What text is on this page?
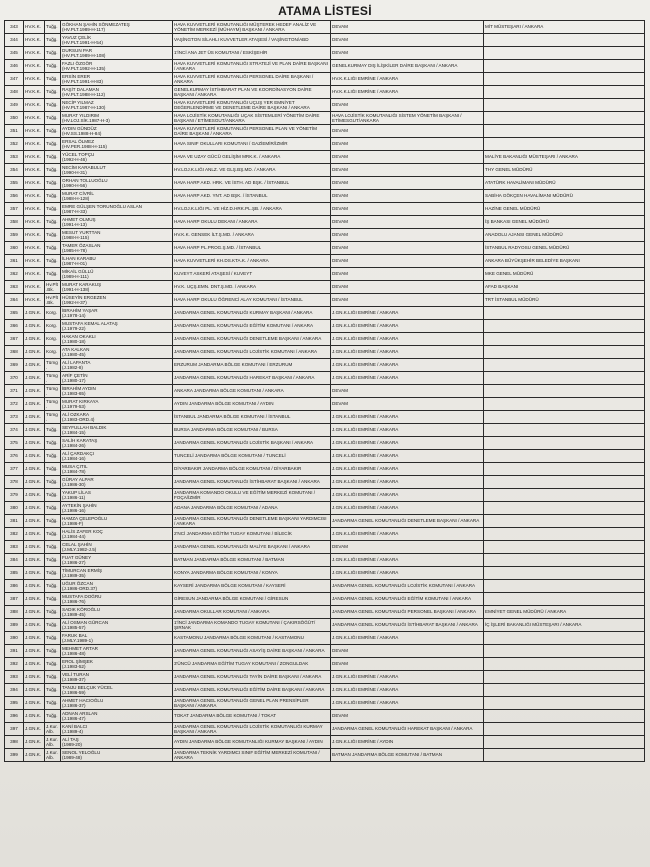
ATAMA LİSTESİ
343	HV.K.K.	Tuğg.	GÖKHAN ŞAHİN SÖNMEZATEŞ
(HV.PLT.1989-H-117)	HAVA KUVVETLERİ KOMUTANLIĞI MÜŞTEREK HEDEF ANALİZ VE YÖNETİM MERKEZİ (MÜHAYM) BAŞKANI / ANKARA	DEVAM	MİT MÜSTEŞARI / ANKARA
344	HV.K.K.	Tuğg.	YAVUZ ÇELİK
(HV.PLT.1991-H-54)	VAŞİNGTON SİLAHLI KUVVETLER ATAŞESİ / VAŞİNGTON/ABD	DEVAM	
345	HV.K.K.	Tuğg.	DURSUN PAR
(HV.PLT.1989-H-108)	1'İNCİ ANA JET ÜS KOMUTANI / ESKİŞEHİR	DEVAM	
346	HV.K.K.	Tuğg.	FAZLI ÖZGÖR
(HV.PLT.1992-H-135)	HAVA KUVVETLERİ KOMUTANLIĞI STRATEJİ VE PLAN DAİRE BAŞKANI / ANKARA	GENELKURMAY DIŞ İLİŞKİLER DAİRE BAŞKANI / ANKARA	
347	HV.K.K.	Tuğg.	ERSİN ERER
(HV.PLT.1991-H-83)	HAVA KUVVETLERİ KOMUTANLIĞI PERSONEL DAİRE BAŞKANI / ANKARA	HV.K.K.LIĞI EMRİNE / ANKARA	
348	HV.K.K.	Tuğg.	RAŞİT DALAMAN
(HV.PLT.1988-H-112)	GENELKURMAY İSTİHBARAT PLAN VE KOORDİNASYON DAİRE BAŞKANI / ANKARA	HV.K.K.LIĞI EMRİNE / ANKARA	
349	HV.K.K.	Tuğg.	NECİP YILMAZ
(HV.PLT.1987-H-130)	HAVA KUVVETLERİ KOMUTANLIĞI UÇUŞ YER EMNİYET DEĞERLENDİRME VE DENETLEME DAİRE BAŞKANI / ANKARA	DEVAM	
350	HV.K.K.	Tuğg.	MURAT YILDIRIM
(HV.LOJ.SİK.1987-H-3)	HAVA LOJİSTİK KOMUTANLIĞI UÇAK SİSTEMLERİ YÖNETİM DAİRE BAŞKANI / ETİMESGUT/ANKARA	HAVA LOJİSTİK KOMUTANLIĞI SİSTEM YÖNETİM BAŞKANI / ETİMESGUT/ANKARA	
351	HV.K.K.	Tuğg.	AYDIN GÜNDÜZ
(HV.SS.1988-H-84)	HAVA KUVVETLERİ KOMUTANLIĞI PERSONEL PLAN VE YÖNETİM DAİRE BAŞKANI / ANKARA	DEVAM	
352	HV.K.K.	Tuğg.	ERSAL ÖLMEZ
(HV.PER.1988-H-115)	HAVA SINIF OKULLARI KOMUTANI / GAZİEMİR/İZMİR	DEVAM	
353	HV.K.K.	Tuğg.	YÜCEL TOPÇU
(1992-H-46)	HAVA VE UZAY GÜCÜ GELİŞİM MRK.K. / ANKARA	DEVAM	MALİYE BAKANLIĞI MÜSTEŞARI / ANKARA
354	HV.K.K.	Tuğg.	NECİM KARABULUT
(1990-H-31)	HV.LOJ.K.LIĞI ANLZ. VE GLŞ.BŞ.MD. / ANKARA	DEVAM	THY GENEL MÜDÜRÜ
355	HV.K.K.	Tuğg.	ORHAN TOLLUOĞLU
(1990-H-56)	HAVA HARP AKD. HRK. VE İSTH. AD BŞK. / İSTANBUL	DEVAM	ATATÜRK HAVALİMANI MÜDÜRÜ
356	HV.K.K.	Tuğg.	MURAT CİVRİL
(1988-H-128)	HAVA HARP AKD. YNT. AD BŞK. / İSTANBUL	DEVAM	SABİHA GÖKÇEN HAVALİMANI MÜDÜRÜ
357	HV.K.K.	Tuğg.	EMRE GÜLŞEN TORUNOĞLU ASLAN
(1987-H-33)	HV.LOJ.K.LIĞI PL. VE HİZ.D.HRK.PL.ŞB. / ANKARA	DEVAM	HAZİNE GENEL MÜDÜRÜ
358	HV.K.K.	Tuğg.	AHMET OLMUŞ
(1991-H-13)	HAVA HARP OKULU DEKANI / ANKARA	DEVAM	İŞ BANKASI GENEL MÜDÜRÜ
359	HV.K.K.	Tuğg.	MESUT YURTTAN
(1988-H-115)	HV.K.K. GENSEK İLT.Ş.MD. / ANKARA	DEVAM	ANADOLU AJANSI GENEL MÜDÜRÜ
360	HV.K.K.	Tuğg.	TAMER ÖZASLAN
(1985-H-78)	HAVA HARP PL.PROG.Ş.MD. / İSTANBUL	DEVAM	İSTANBUL RADYOSU GENEL MÜDÜRÜ
361	HV.K.K.	Tuğg.	İLHAN KARABU
(1987-H-01)	HAVA KUVVETLERİ KH.DS.KTA.K. / ANKARA	DEVAM	ANKARA BÜYÜKŞEHİR BELEDİYE BAŞKANI
362	HV.K.K.	Tuğg.	MİKAİL GÜLLÜ
(1989-H-111)	KUVEYT ASKERİ ATAŞESİ / KUVEYT	DEVAM	MKE GENEL MÜDÜRÜ
363	HV.K.K.	Hv.Plt.Bk.	MURAT KARAKUŞ
(1991-H-138)	HV.K. UÇŞ.EMN. DNT.Ş.MD. / ANKARA	DEVAM	AFAD BAŞKANI
364	HV.K.K.	Hv.Plt.Bk.	HÜSEYİN ERGEZEN
(1992-H-37)	HAVA HARP OKULU ÖĞRENCİ ALAY KOMUTANI / İSTANBUL	DEVAM	TRT İSTANBUL MÜDÜRÜ
365	J.GN.K.	Korg.	İBRAHİM YAŞAR
(J.1978-14)	JANDARMA GENEL KOMUTANLIĞI KURMAY BAŞKANI / ANKARA	J.GN.K.LIĞI EMRİNE / ANKARA	
366	J.GN.K.	Korg.	MUSTAFA KEMAL ALATAŞ
(J.1979-22)	JANDARMA GENEL KOMUTANLIĞI EĞİTİM KOMUTANI / ANKARA	J.GN.K.LIĞI EMRİNE / ANKARA	
367	J.GN.K.	Korg.	HAKAN OKAKLI
(J.1980-18)	JANDARMA GENEL KOMUTANLIĞI DENETLEME BAŞKANI / ANKARA	J.GN.K.LIĞI EMRİNE / ANKARA	
368	J.GN.K.	Korg.	ATA KALKAN
(J.1980-45)	JANDARMA GENEL KOMUTANLIĞI LOJİSTİK KOMUTANI / ANKARA	J.GN.K.LIĞI EMRİNE / ANKARA	
369	J.GN.K.	Tümg.	ALİ LAPANTA
(J.1982-8)	ERZURUM JANDARMA BÖLGE KOMUTANI / ERZURUM	J.GN.K.LIĞI EMRİNE / ANKARA	
370	J.GN.K.	Tümg.	ARİF ÇETİN
(J.1980-17)	JANDARMA GENEL KOMUTANLIĞI HAREKAT BAŞKANI / ANKARA	J.GN.K.LIĞI EMRİNE / ANKARA	
371	J.GN.K.	Tümg.	İBRAHİM AYDIN
(J.1983-65)	ANKARA JANDARMA BÖLGE KOMUTANI / ANKARA	DEVAM	
372	J.GN.K.	Tümg.	MURAT KIRKAYA
(J.1979-53)	AYDIN JANDARMA BÖLGE KOMUTANI / AYDIN	DEVAM	
373	J.GN.K.	Tümg.	ALİ OZKARA
(J.1983-ORD.4)	İSTANBUL JANDARMA BÖLGE KOMUTANI / İSTANBUL	J.GN.K.LIĞI EMRİNE / ANKARA	
374	J.GN.K.	Tuğg.	SEYFULLAH BALDIK
(J.1984-15)	BURSA JANDARMA BÖLGE KOMUTANI / BURSA	J.GN.K.LIĞI EMRİNE / ANKARA	
375	J.GN.K.	Tuğg.	SALİH KARATAŞ
(J.1984-26)	JANDARMA GENEL KOMUTANLIĞI LOJİSTİK BAŞKANI / ANKARA	J.GN.K.LIĞI EMRİNE / ANKARA	
376	J.GN.K.	Tuğg.	ALİ ÇARDAKÇI
(J.1984-16)	TUNCELİ JANDARMA BÖLGE KOMUTANI / TUNCELİ	J.GN.K.LIĞI EMRİNE / ANKARA	
377	J.GN.K.	Tuğg.	MUSA ÇITIL
(J.1984-78)	DİYARBAKIR JANDARMA BÖLGE KOMUTANI / DİYARBAKIR	J.GN.K.LIĞI EMRİNE / ANKARA	
378	J.GN.K.	Tuğg.	GÜRAY ALPAR
(J.1986-30)	JANDARMA GENEL KOMUTANLIĞI İSTİHBARAT BAŞKANI / ANKARA	J.GN.K.LIĞI EMRİNE / ANKARA	
379	J.GN.K.	Tuğg.	YAKUP LİLAS
(J.1986-11)	JANDARMA KOMANDO OKULU VE EĞİTİM MERKEZİ KOMUTANI / FOÇA/İZMİR	J.GN.K.LIĞI EMRİNE / ANKARA	
380	J.GN.K.	Tuğg.	AYTEKİN ŞAHİN
(J.1986-16)	ADANA JANDARMA BÖLGE KOMUTANI / ADANA	J.GN.K.LIĞI EMRİNE / ANKARA	
381	J.GN.K.	Tuğg.	HAMZA ÇELEPOĞLU
(J.1986-F)	JANDARMA GENEL KOMUTANLIĞI DENETLEME BAŞKANI YARDIMCISI / ANKARA	JANDARMA GENEL KOMUTANLIĞI DENETLEME BAŞKANI / ANKARA	
382	J.GN.K.	Tuğg.	HALİS ZAFER KOÇ
(J.1984-44)	2'NCİ JANDARMA EĞİTİM TUGAY KOMUTANI / BİLECİK	J.GN.K.LIĞI EMRİNE / ANKARA	
383	J.GN.K.	Tuğg.	CELAL ŞAHİN
(J.MLY.1982-J.5)	JANDARMA GENEL KOMUTANLIĞI MALİYE BAŞKANI / ANKARA	DEVAM	
384	J.GN.K.	Tuğg.	FUAT GÜNEY
(J.1986-27)	BATMAN JANDARMA BÖLGE KOMUTANI / BATMAN	J.GN.K.LIĞI EMRİNE / ANKARA	
385	J.GN.K.	Tuğg.	TİMURCAN ERMİŞ
(J.1989-35)	KONYA JANDARMA BÖLGE KOMUTANI / KONYA	J.GN.K.LIĞI EMRİNE / ANKARA	
386	J.GN.K.	Tuğg.	UĞUR ÖZCAN
(J.1986-ORD.37)	KAYSERİ JANDARMA BÖLGE KOMUTANI / KAYSERİ	JANDARMA GENEL KOMUTANLIĞI LOJİSTİK KOMUTANI / ANKARA	
387	J.GN.K.	Tuğg.	MUSTAFA DOĞRU
(J.1986-76)	GİRESUN JANDARMA BÖLGE KOMUTANI / GİRESUN	JANDARMA GENEL KOMUTANLIĞI EĞİTİM KOMUTANI / ANKARA	
388	J.GN.K.	Tuğg.	SADIK KÖROĞLU
(J.1989-45)	JANDARMA OKULLAR KOMUTANI / ANKARA	JANDARMA GENEL KOMUTANLIĞI PERSONEL BAŞKANI / ANKARA	EMNİYET GENEL MÜDÜRÜ / ANKARA
389	J.GN.K.	Tuğg.	ALİ OSMAN GÜRCAN
(J.1985-57)	1'İNCİ JANDARMA KOMANDO TUGAY KOMUTANI / ÇAKIRSÖĞÜT/ŞIRNAK	JANDARMA GENEL KOMUTANLIĞI İSTİHBARAT BAŞKANI / ANKARA	İÇ İŞLERİ BAKANLIĞI MÜSTEŞARI / ANKARA
390	J.GN.K.	Tuğg.	FARUK BAL
(J.MLY.1989-1)	KASTAMONU JANDARMA BÖLGE KOMUTANI / KASTAMONU	J.GN.K.LIĞI EMRİNE / ANKARA	
391	J.GN.K.	Tuğg.	MEHMET ARTAR
(J.1986-48)	JANDARMA GENEL KOMUTANLIĞI ASAYİŞ DAİRE BAŞKANI / ANKARA	DEVAM	
392	J.GN.K.	Tuğg.	EROL ŞİMŞEK
(J.1983-52)	3'ÜNCÜ JANDARMA EĞİTİM TUGAY KOMUTANI / ZONGULDAK	DEVAM	
393	J.GN.K.	Tuğg.	VELİ TURAN
(J.1989-37)	JANDARMA GENEL KOMUTANLIĞI TAYİN DAİRE BAŞKANI / ANKARA	J.GN.K.LIĞI EMRİNE / ANKARA	
394	J.GN.K.	Tuğg.	TANJU BELÇUK YÜCEL
(J.1986-59)	JANDARMA GENEL KOMUTANLIĞI EĞİTİM DAİRE BAŞKANI / ANKARA	J.GN.K.LIĞI EMRİNE / ANKARA	
395	J.GN.K.	Tuğg.	AHMET HACIOĞLU
(J.1986-37)	JANDARMA GENEL KOMUTANLIĞI GENEL PLAN PRENSİPLER BAŞKANI / ANKARA	J.GN.K.LIĞI EMRİNE / ANKARA	
396	J.GN.K.	Tuğg.	ADNAN ARSLAN
(J.1986-47)	TOKAT JANDARMA BÖLGE KOMUTANI / TOKAT	DEVAM	
397	J.GN.K.	J.Kur.Alb.	KANİ BALCI
(J.1989-4)	JANDARMA GENEL KOMUTANLIĞI LOJİSTİK KOMUTANLIĞI KURMAY BAŞKANI / ANKARA	JANDARMA GENEL KOMUTANLIĞI HAREKAT BAŞKANI / ANKARA	
398	J.GN.K.	J.Kur.Alb.	ALİ TAŞ
(1989-20)	AYDIN JANDARMA BÖLGE KOMUTANLIĞI KURMAY BAŞKANI / AYDIN	J.GN.K.LIĞI EMRİNE / AYDIN	
399	J.GN.K.	J.Kur.Alb.	SENOL YELOĞLU
(1989-48)	JANDARMA TEKNİK YARDIMCI SINIF EĞİTİM MERKEZİ KOMUTANI / ANKARA	BATMAN JANDARMA BÖLGE KOMUTANI / BATMAN	
